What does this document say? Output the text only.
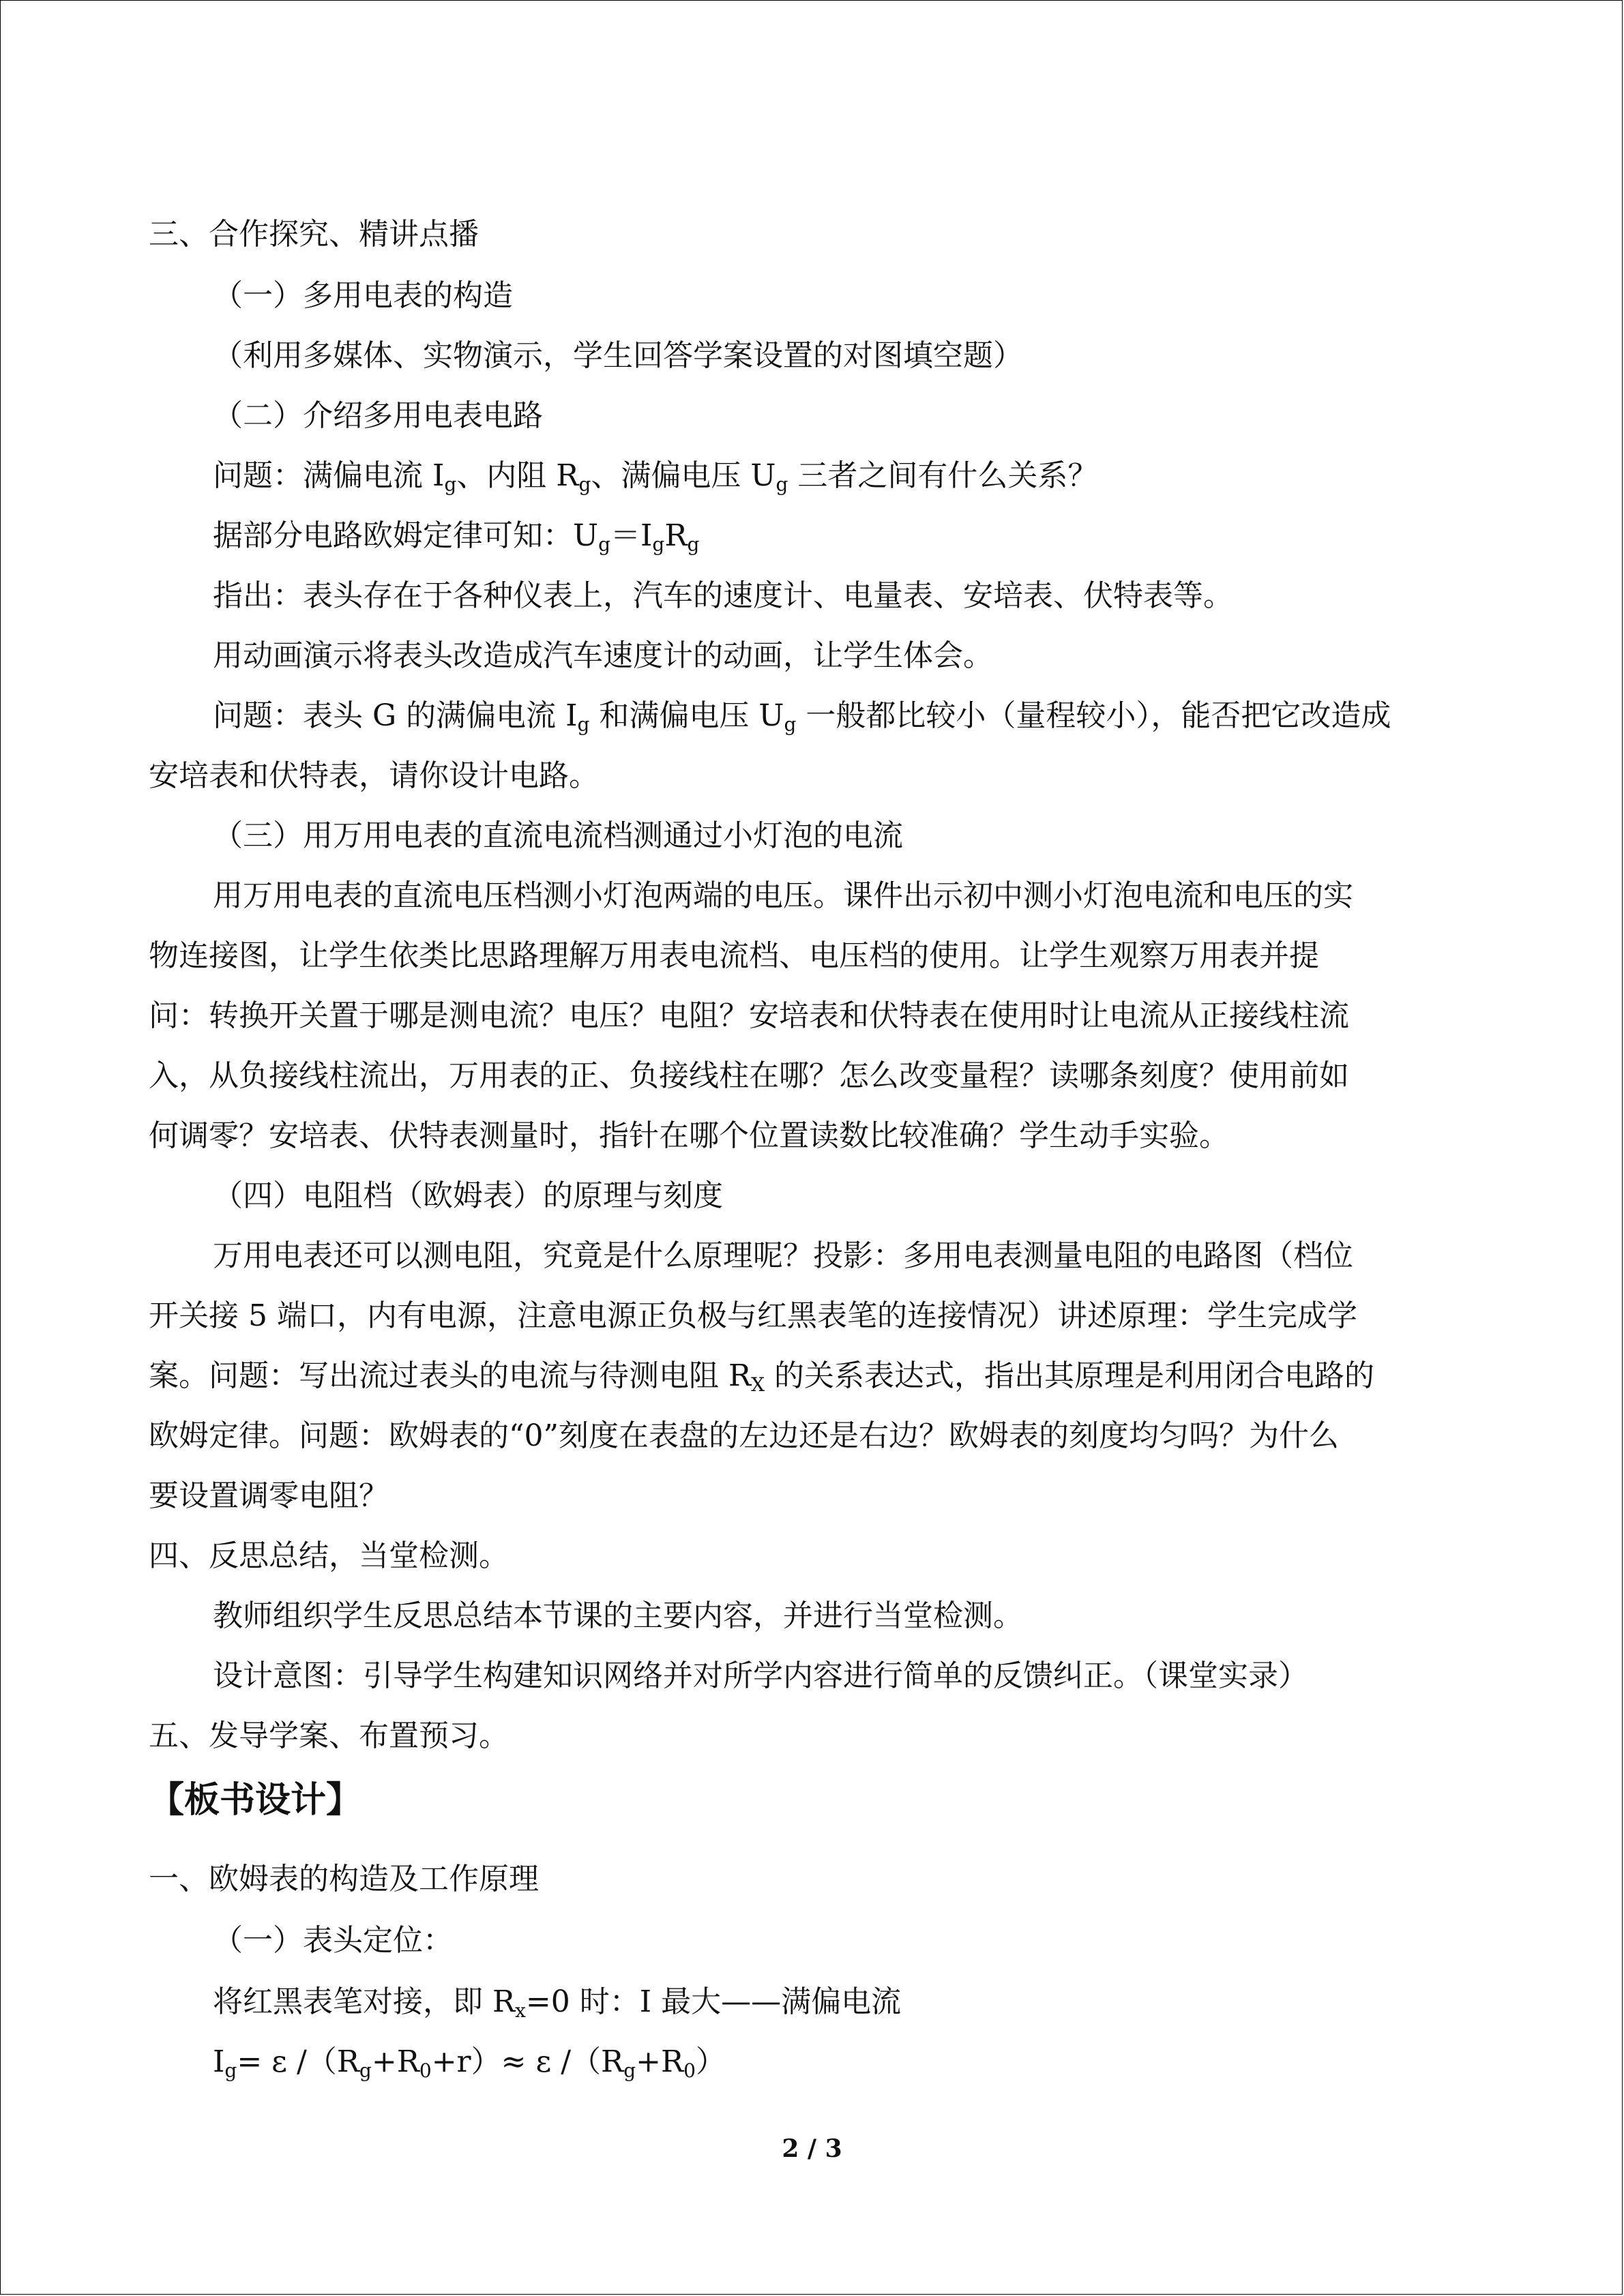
三、合作探究、精讲点播
（一）多用电表的构造
（利用多媒体、实物演示，学生回答学案设置的对图填空题）
（二）介绍多用电表电路
问题：满偏电流 $I_g$、内阻 $R_g$、满偏电压 $U_g$ 三者之间有什么关系？
据部分电路欧姆定律可知：$U_g=I_gR_g$
指出：表头存在于各种仪表上，汽车的速度计、电量表、安培表、伏特表等。
用动画演示将表头改造成汽车速度计的动画，让学生体会。
问题：表头 G 的满偏电流 $I_g$ 和满偏电压 $U_g$ 一般都比较小（量程较小），能否把它改造成
安培表和伏特表，请你设计电路。
（三）用万用电表的直流电流档测通过小灯泡的电流
用万用电表的直流电压档测小灯泡两端的电压。课件出示初中测小灯泡电流和电压的实
物连接图，让学生依类比思路理解万用表电流档、电压档的使用。让学生观察万用表并提
问：转换开关置于哪是测电流？电压？电阻？安培表和伏特表在使用时让电流从正接线柱流
入，从负接线柱流出，万用表的正、负接线柱在哪？怎么改变量程？读哪条刻度？使用前如
何调零？安培表、伏特表测量时，指针在哪个位置读数比较准确？学生动手实验。
（四）电阻档（欧姆表）的原理与刻度
万用电表还可以测电阻，究竟是什么原理呢？投影：多用电表测量电阻的电路图（档位
开关接 5 端口，内有电源，注意电源正负极与红黑表笔的连接情况）讲述原理：学生完成学
案。问题：写出流过表头的电流与待测电阻 $R_X$ 的关系表达式，指出其原理是利用闭合电路的
欧姆定律。问题：欧姆表的“0”刻度在表盘的左边还是右边？欧姆表的刻度均匀吗？为什么
要设置调零电阻？
四、反思总结，当堂检测。
教师组织学生反思总结本节课的主要内容，并进行当堂检测。
设计意图：引导学生构建知识网络并对所学内容进行简单的反馈纠正。（课堂实录）
五、发导学案、布置预习。
【板书设计】
一、欧姆表的构造及工作原理
（一）表头定位：
将红黑表笔对接，即 $R_x=0$ 时：I 最大——满偏电流
$I_g= \varepsilon$ $/(R_g+R_0+r)\approx \varepsilon$ $/(R_g+R_0)$
2 / 3
